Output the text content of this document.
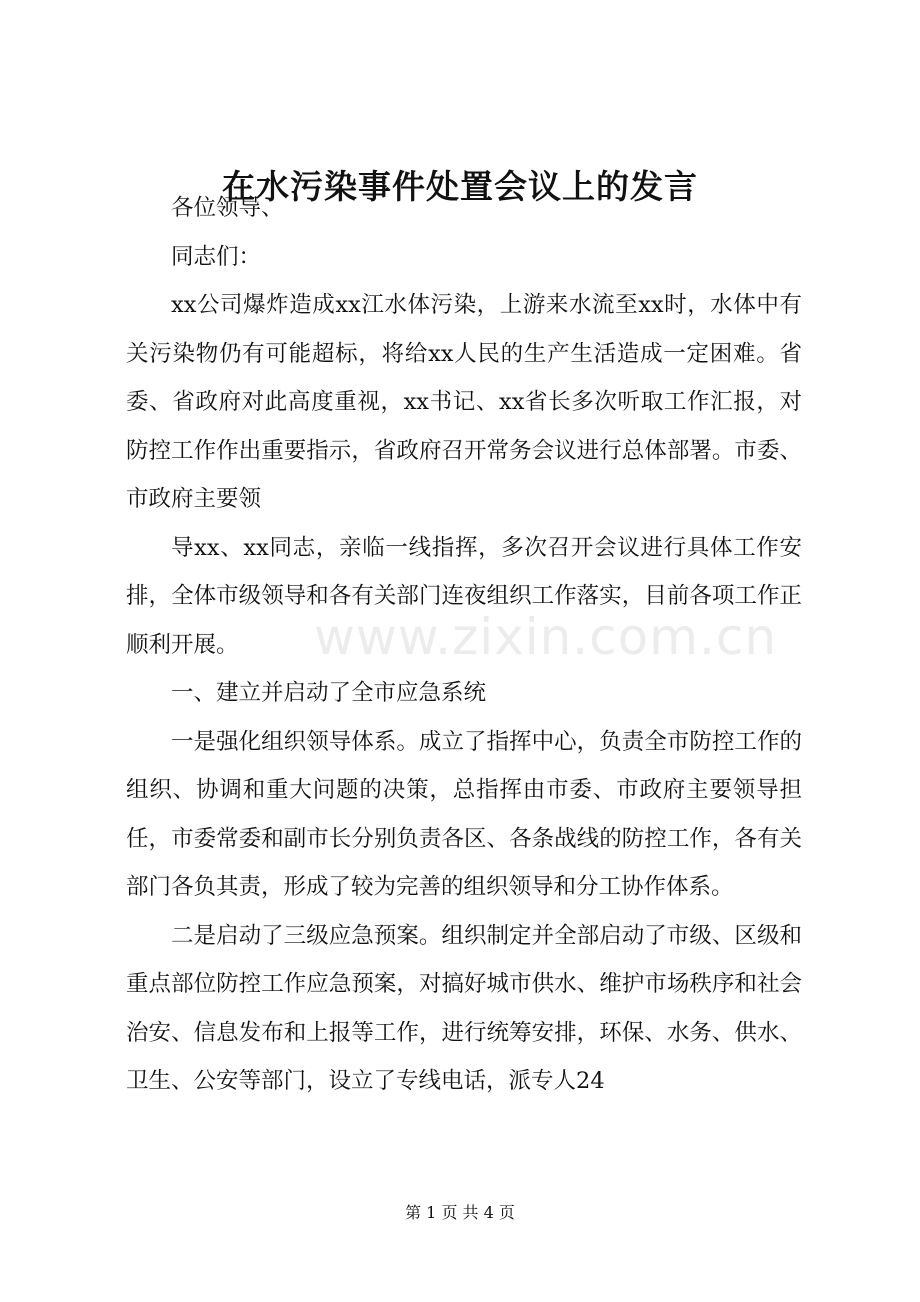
在水污染事件处置会议上的发言

各位领导、

同志们：

xx公司爆炸造成xx江水体污染，上游来水流至xx时，水体中有关污染物仍有可能超标，将给xx人民的生产生活造成一定困难。省委、省政府对此高度重视，xx书记、xx省长多次听取工作汇报，对防控工作作出重要指示，省政府召开常务会议进行总体部署。市委、市政府主要领

导xx、xx同志，亲临一线指挥，多次召开会议进行具体工作安排，全体市级领导和各有关部门连夜组织工作落实，目前各项工作正顺利开展。

一、建立并启动了全市应急系统

一是强化组织领导体系。成立了指挥中心，负责全市防控工作的组织、协调和重大问题的决策，总指挥由市委、市政府主要领导担任，市委常委和副市长分别负责各区、各条战线的防控工作，各有关部门各负其责，形成了较为完善的组织领导和分工协作体系。

二是启动了三级应急预案。组织制定并全部启动了市级、区级和重点部位防控工作应急预案，对搞好城市供水、维护市场秩序和社会治安、信息发布和上报等工作，进行统筹安排，环保、水务、供水、卫生、公安等部门，设立了专线电话，派专人24

www.zixin.com.cn
第 1 页 共 4 页
